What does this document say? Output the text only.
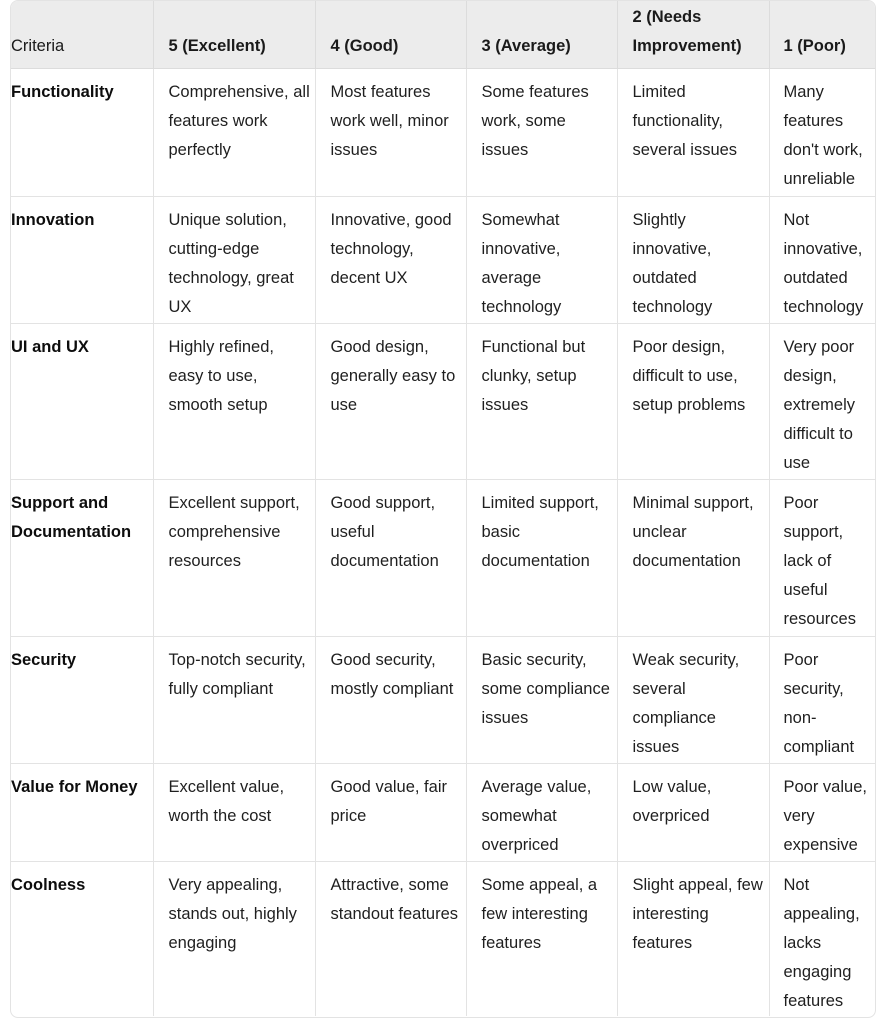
Criteria	5 (Excellent)	4 (Good)	3 (Average)	2 (Needs Improvement)	1 (Poor)
Functionality	Comprehensive, all features work perfectly	Most features work well, minor issues	Some features work, some issues	Limited functionality, several issues	Many features don't work, unreliable
Innovation	Unique solution, cutting-edge technology, great UX	Innovative, good technology, decent UX	Somewhat innovative, average technology	Slightly innovative, outdated technology	Not innovative, outdated technology
UI and UX	Highly refined, easy to use, smooth setup	Good design, generally easy to use	Functional but clunky, setup issues	Poor design, difficult to use, setup problems	Very poor design, extremely difficult to use
Support and Documentation	Excellent support, comprehensive resources	Good support, useful documentation	Limited support, basic documentation	Minimal support, unclear documentation	Poor support, lack of useful resources
Security	Top-notch security, fully compliant	Good security, mostly compliant	Basic security, some compliance issues	Weak security, several compliance issues	Poor security, non-compliant
Value for Money	Excellent value, worth the cost	Good value, fair price	Average value, somewhat overpriced	Low value, overpriced	Poor value, very expensive
Coolness	Very appealing, stands out, highly engaging	Attractive, some standout features	Some appeal, a few interesting features	Slight appeal, few interesting features	Not appealing, lacks engaging features
